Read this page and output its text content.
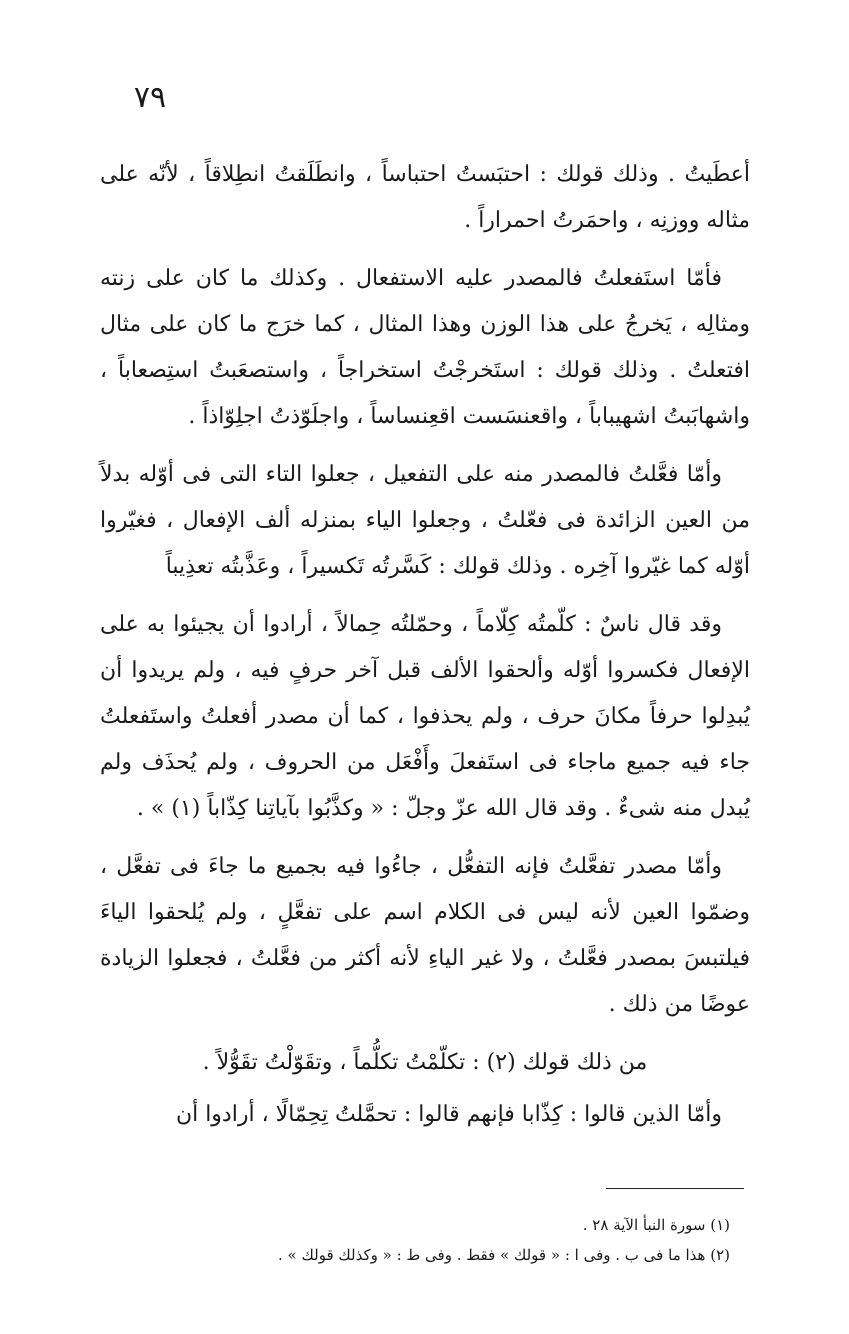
٧٩

أعطَيتُ . وذلك قولك : احتبَستُ احتباساً ، وانطَلَقتُ انطِلاقاً ، لأنّه على مثاله ووزنِه ، واحمَرتُ احمراراً .

فأمّا استَفعلتُ فالمصدر عليه الاستفعال . وكذلك ما كان على زنته ومثالِه ، يَخرجُ على هذا الوزن وهذا المثال ، كما خرَج ما كان على مثال افتعلتُ . وذلك قولك : استَخرجْتُ استخراجاً ، واستصعَبتُ استِصعاباً ، واشهابَبتُ اشهيباباً ، واقعنسَست اقعِنساساً ، واجلَوّذتُ اجلِوّاذاً .

وأمّا فعَّلتُ فالمصدر منه على التفعيل ، جعلوا التاء التى فى أوّله بدلاً من العين الزائدة فى فعّلتُ ، وجعلوا الياء بمنزله ألف الإفعال ، فغيّروا أوّله كما غيّروا آخِره . وذلك قولك : كَسَّرتُه تَكسيراً ، وعَذَّبتُه تعذِيباً

وقد قال ناسٌ : كلّمتُه كِلّاماً ، وحمّلتُه حِمالاً ، أرادوا أن يجيئوا به على الإفعال فكسروا أوّله وألحقوا الألف قبل آخر حرفٍ فيه ، ولم يريدوا أن يُبدِلوا حرفاً مكانَ حرف ، ولم يحذفوا ، كما أن مصدر أفعلتُ واستَفعلتُ جاء فيه جميع ماجاء فى استَفعلَ وأَفْعَل من الحروف ، ولم يُحذَف ولم يُبدل منه شىءٌ . وقد قال الله عزّ وجلّ : « وكذَّبُوا بآياتِنا كِذّاباً (١) » .

وأمّا مصدر تفعَّلتُ فإنه التفعُّل ، جاءُوا فيه بجميع ما جاءَ فى تفعَّل ، وضمّوا العين لأنه ليس فى الكلام اسم على تفعَّلٍ ، ولم يُلحقوا الياءَ فيلتبسَ بمصدر فعَّلتُ ، ولا غير الياءِ لأنه أكثر من فعَّلتُ ، فجعلوا الزيادة عوضًا من ذلك .

من ذلك قولك (٢) : تكلّمْتُ تكلُّماً ، وتقَوّلْتُ تقَوُّلاً .

وأمّا الذين قالوا : كِذّابا فإنهم قالوا : تحمَّلتُ تِحِمّالًا ، أرادوا أن

(١) سورة النبأ الآية ٢٨ .

(٢) هذا ما فى ب . وفى ا : « قولك » فقط . وفى ط : « وكذلك قولك » .
